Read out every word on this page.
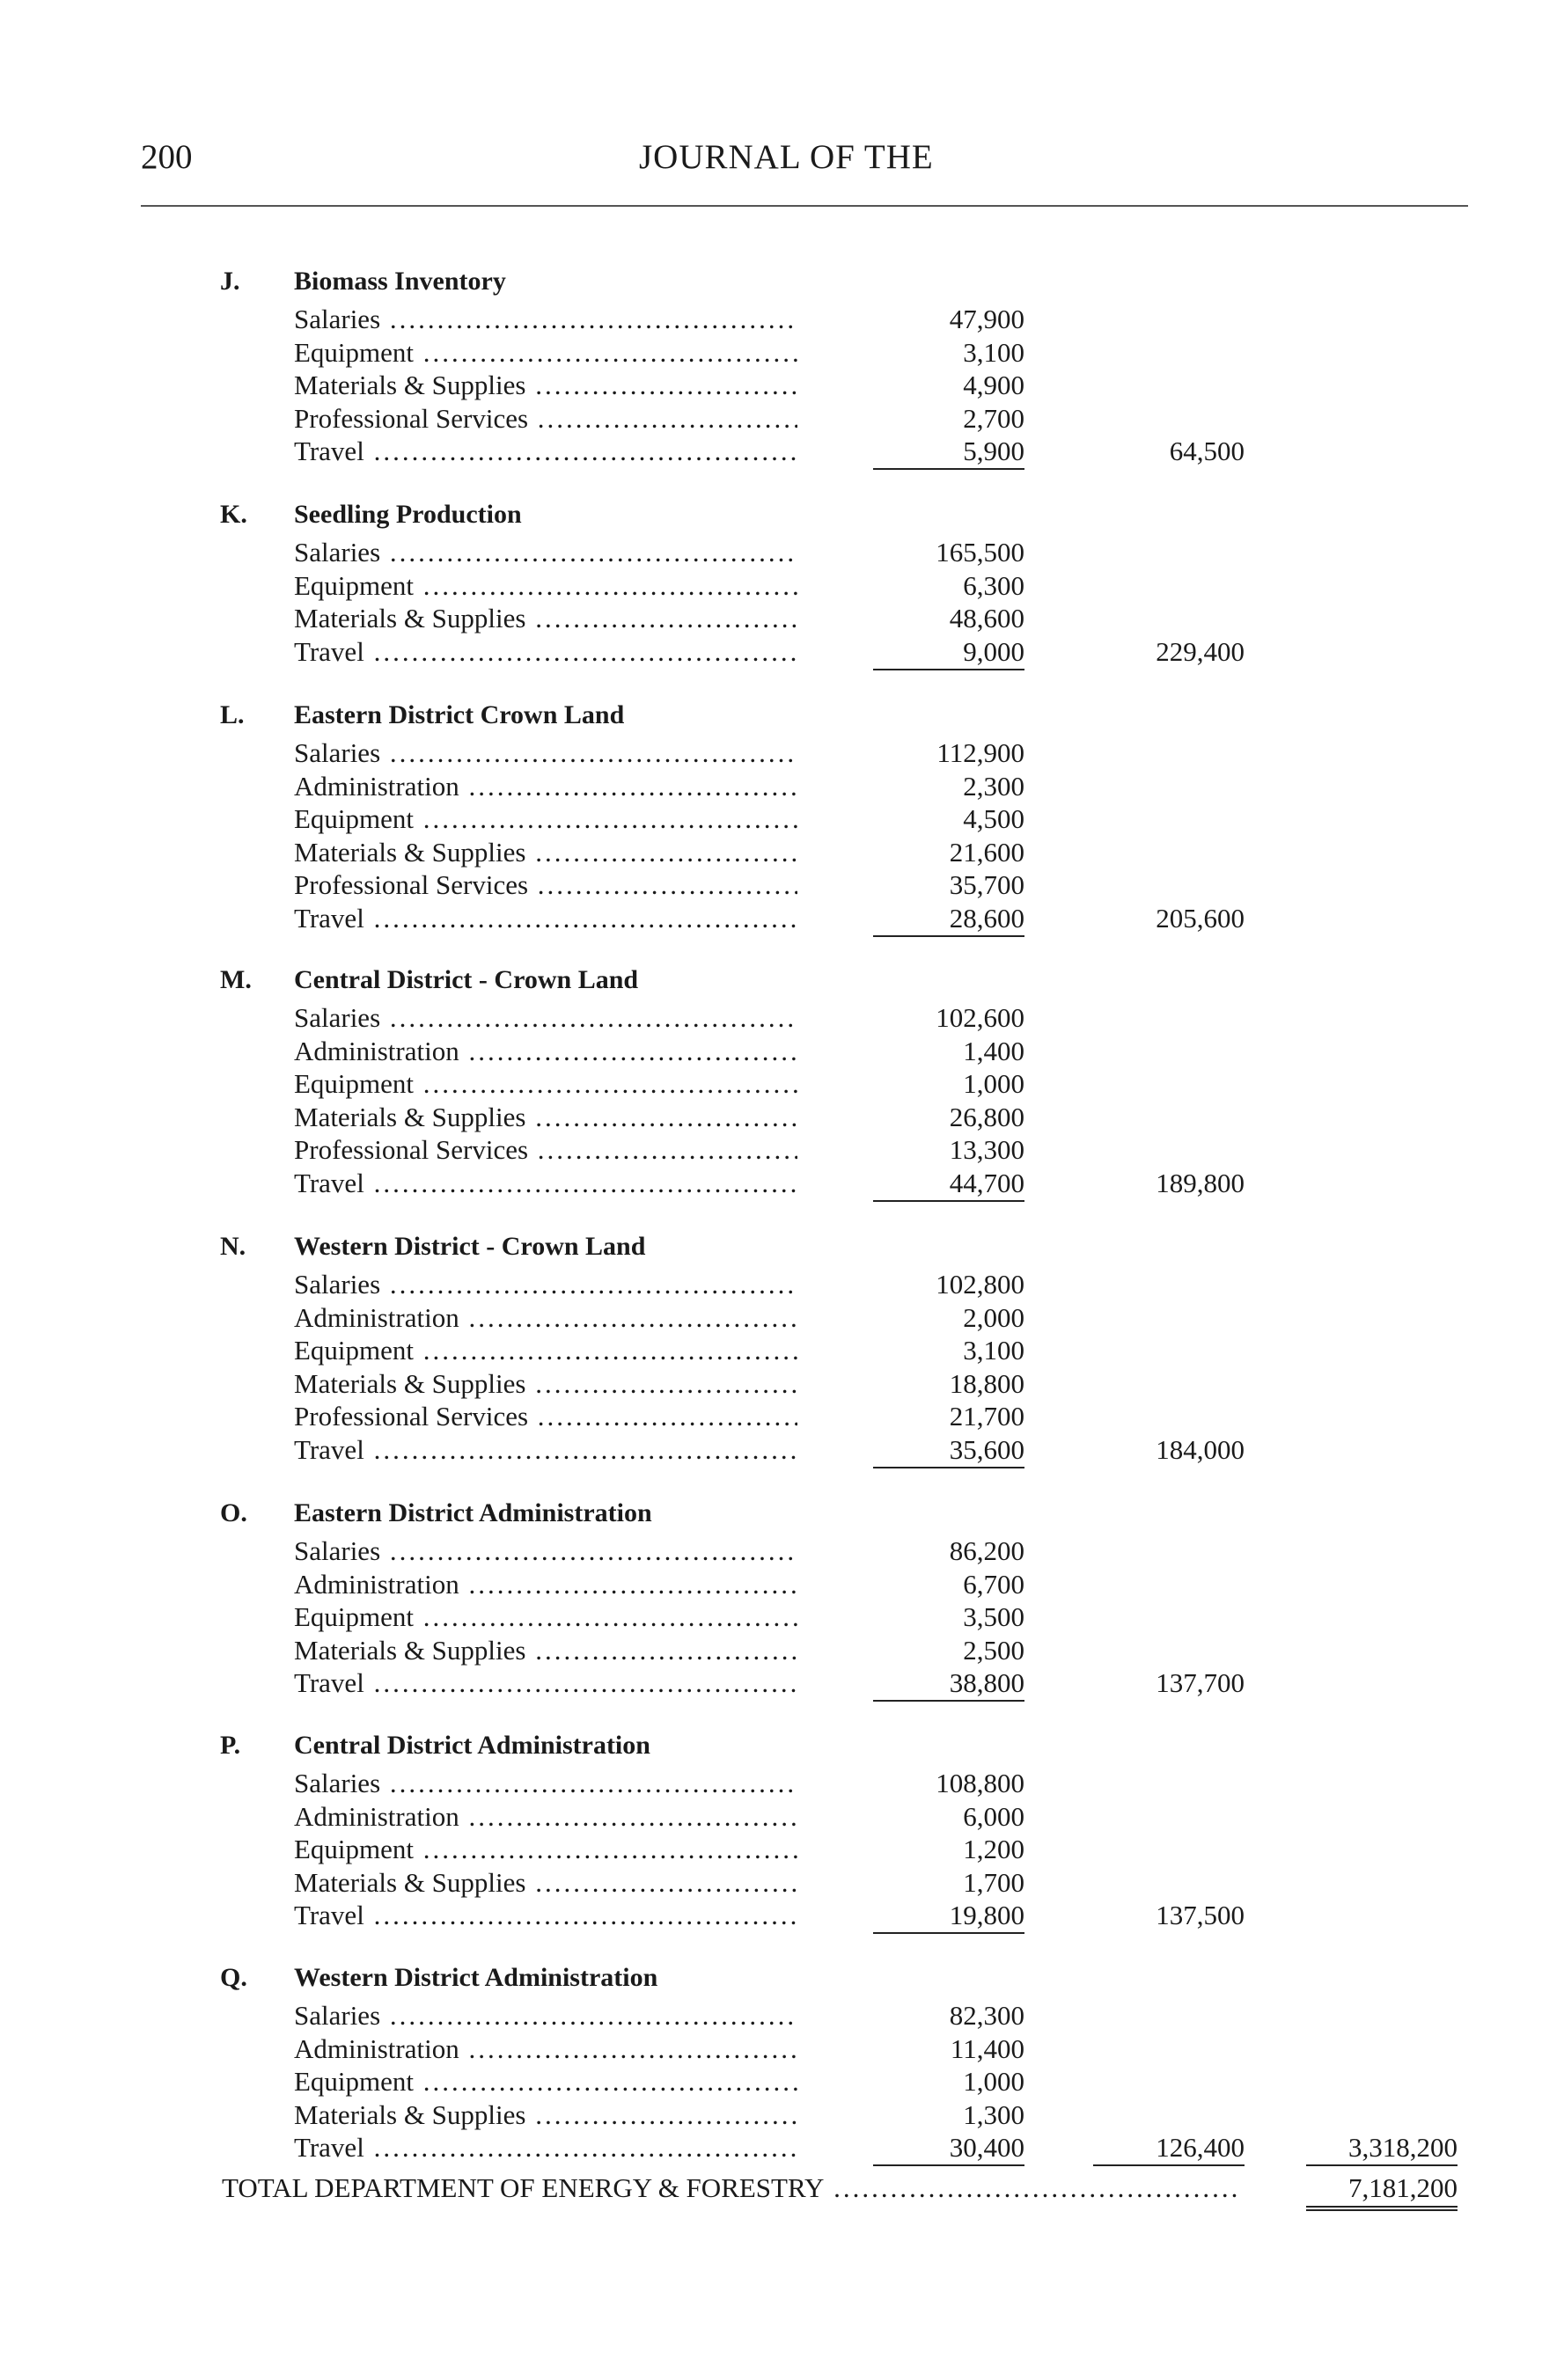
200	JOURNAL OF THE
J. Biomass Inventory
Salaries .....	47,900
Equipment .....	3,100
Materials & Supplies .....	4,900
Professional Services .....	2,700
Travel .....	5,900	64,500
K. Seedling Production
Salaries .....	165,500
Equipment .....	6,300
Materials & Supplies .....	48,600
Travel .....	9,000	229,400
L. Eastern District Crown Land
Salaries .....	112,900
Administration .....	2,300
Equipment .....	4,500
Materials & Supplies .....	21,600
Professional Services .....	35,700
Travel .....	28,600	205,600
M. Central District - Crown Land
Salaries .....	102,600
Administration .....	1,400
Equipment .....	1,000
Materials & Supplies .....	26,800
Professional Services .....	13,300
Travel .....	44,700	189,800
N. Western District - Crown Land
Salaries .....	102,800
Administration .....	2,000
Equipment .....	3,100
Materials & Supplies .....	18,800
Professional Services .....	21,700
Travel .....	35,600	184,000
O. Eastern District Administration
Salaries .....	86,200
Administration .....	6,700
Equipment .....	3,500
Materials & Supplies .....	2,500
Travel .....	38,800	137,700
P. Central District Administration
Salaries .....	108,800
Administration .....	6,000
Equipment .....	1,200
Materials & Supplies .....	1,700
Travel .....	19,800	137,500
Q. Western District Administration
Salaries .....	82,300
Administration .....	11,400
Equipment .....	1,000
Materials & Supplies .....	1,300
Travel .....	30,400	126,400	3,318,200
TOTAL DEPARTMENT OF ENERGY & FORESTRY .....	7,181,200
